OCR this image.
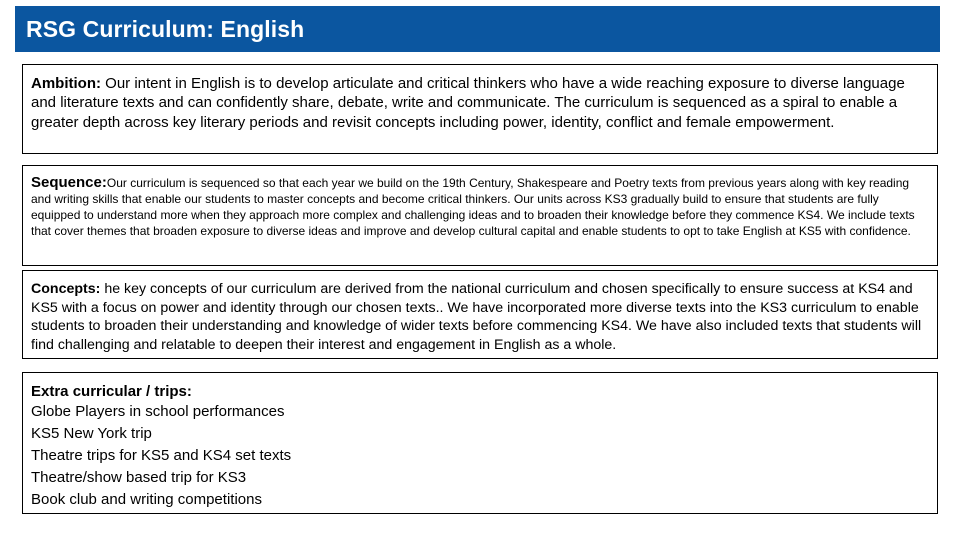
RSG Curriculum: English

Ambition: Our intent in English is to develop articulate and critical thinkers who have a wide reaching exposure to diverse language and literature texts and can confidently share, debate, write and communicate. The curriculum is sequenced as a spiral to enable a greater depth across key literary periods and revisit concepts including power, identity, conflict and female empowerment.

Sequence:Our curriculum is sequenced so that each year we build on the 19th Century, Shakespeare and Poetry texts from previous years along with key reading and writing skills that enable our students to master concepts and become critical thinkers. Our units across KS3 gradually build to ensure that students are fully equipped to understand more when they approach more complex and challenging ideas and to broaden their knowledge before they commence KS4. We include texts that cover themes that broaden exposure to diverse ideas and improve and develop cultural capital and enable students to opt to take English at KS5 with confidence.

Concepts: he key concepts of our curriculum are derived from the national curriculum and chosen specifically to ensure success at KS4 and KS5 with a focus on power and identity through our chosen texts.. We have incorporated more diverse texts into the KS3 curriculum to enable students to broaden their understanding and knowledge of wider texts before commencing KS4. We have also included texts that students will find challenging and relatable to deepen their interest and engagement in English as a whole.

Extra curricular / trips:
Globe Players in school performances
KS5 New York trip
Theatre trips for KS5 and KS4 set texts
Theatre/show based trip for KS3
Book club and writing competitions
